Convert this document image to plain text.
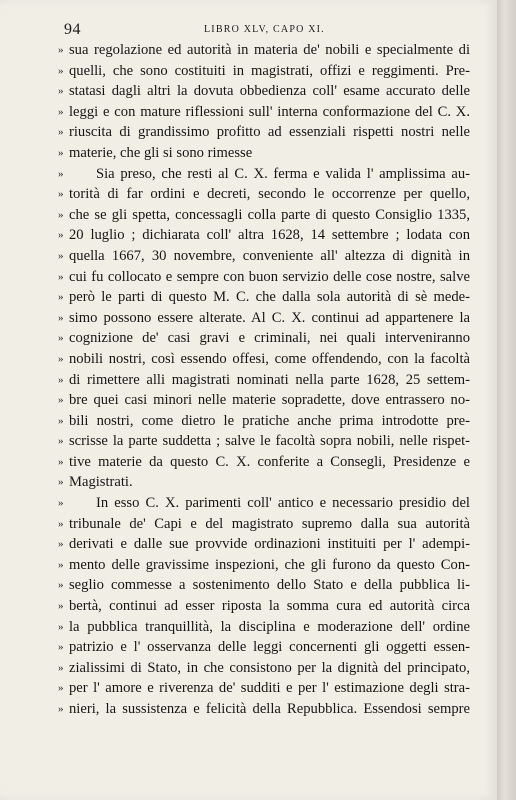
94	LIBRO XLV, CAPO XI.
» sua regolazione ed autorità in materia de' nobili e specialmente di
» quelli, che sono costituiti in magistrati, offizi e reggimenti. Pre-
» statasi dagli altri la dovuta obbedienza coll' esame accurato delle
» leggi e con mature riflessioni sull' interna conformazione del C. X.
» riuscita di grandissimo profitto ad essenziali rispetti nostri nelle
» materie, che gli si sono rimesse
»	Sia preso, che resti al C. X. ferma e valida l' amplissima au-
» torità di far ordini e decreti, secondo le occorrenze per quello,
» che se gli spetta, concessagli colla parte di questo Consiglio 1335,
» 20 luglio ; dichiarata coll' altra 1628, 14 settembre ; lodata con
» quella 1667, 30 novembre, conveniente all' altezza di dignità in
» cui fu collocato e sempre con buon servizio delle cose nostre, salve
» però le parti di questo M. C. che dalla sola autorità di sè mede-
» simo possono essere alterate. Al C. X. continui ad appartenere la
» cognizione de' casi gravi e criminali, nei quali interveniranno
» nobili nostri, così essendo offesi, come offendendo, con la facoltà
» di rimettere alli magistrati nominati nella parte 1628, 25 settem-
» bre quei casi minori nelle materie sopradette, dove entrassero no-
» bili nostri, come dietro le pratiche anche prima introdotte pre-
» scrisse la parte suddetta ; salve le facoltà sopra nobili, nelle rispet-
» tive materie da questo C. X. conferite a Consegli, Presidenze e
» Magistrati.
»	In esso C. X. parimenti coll' antico e necessario presidio del
» tribunale de' Capi e del magistrato supremo dalla sua autorità
» derivati e dalle sue provvide ordinazioni instituiti per l' adempi-
» mento delle gravissime inspezioni, che gli furono da questo Con-
» seglio commesse a sostenimento dello Stato e della pubblica li-
» bertà, continui ad esser riposta la somma cura ed autorità circa
» la pubblica tranquillità, la disciplina e moderazione dell' ordine
» patrizio e l' osservanza delle leggi concernenti gli oggetti essen-
» zialissimi di Stato, in che consistono per la dignità del principato,
» per l' amore e riverenza de' sudditi e per l' estimazione degli stra-
» nieri, la sussistenza e felicità della Repubblica. Essendosi sempre
